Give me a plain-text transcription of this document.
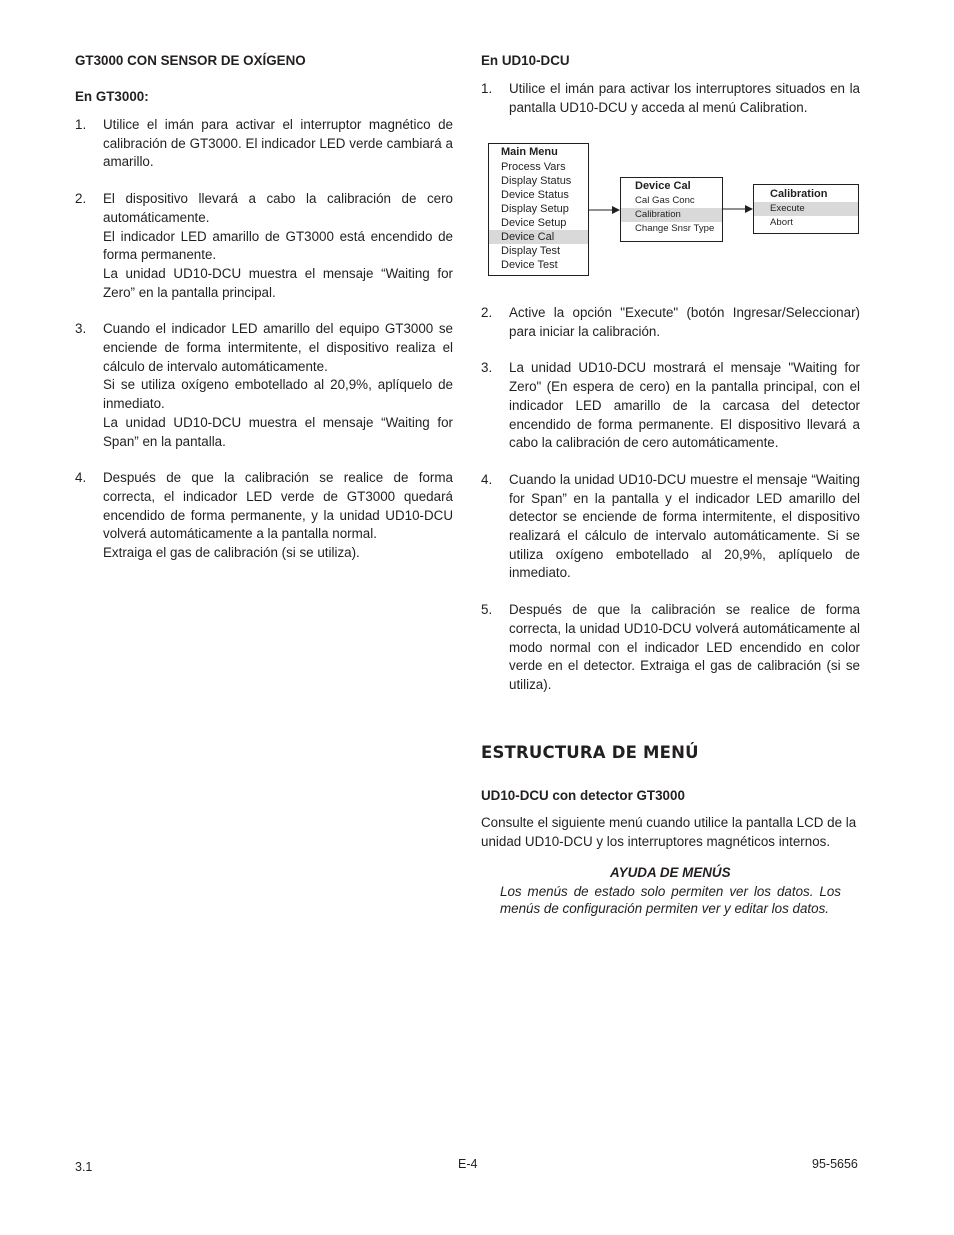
GT3000 CON SENSOR DE OXÍGENO
En GT3000:
1. Utilice el imán para activar el interruptor magnético de calibración de GT3000. El indicador LED verde cambiará a amarillo.
2. El dispositivo llevará a cabo la calibración de cero automáticamente.
El indicador LED amarillo de GT3000 está encendido de forma permanente.
La unidad UD10-DCU muestra el mensaje “Waiting for Zero” en la pantalla principal.
3. Cuando el indicador LED amarillo del equipo GT3000 se enciende de forma intermitente, el dispositivo realiza el cálculo de intervalo automáticamente.
Si se utiliza oxígeno embotellado al 20,9%, aplíquelo de inmediato.
La unidad UD10-DCU muestra el mensaje “Waiting for Span” en la pantalla.
4. Después de que la calibración se realice de forma correcta, el indicador LED verde de GT3000 quedará encendido de forma permanente, y la unidad UD10-DCU volverá automáticamente a la pantalla normal.
Extraiga el gas de calibración (si se utiliza).
En UD10-DCU
1. Utilice el imán para activar los interruptores situados en la pantalla UD10-DCU y acceda al menú Calibration.
Main Menu
Process Vars
Display Status
Device Status
Display Setup
Device Setup
Device Cal
Display Test
Device Test
Device Cal
Cal Gas Conc
Calibration
Change Snsr Type
Calibration
Execute
Abort
2. Active la opción "Execute" (botón Ingresar/Seleccionar) para iniciar la calibración.
3. La unidad UD10-DCU mostrará el mensaje "Waiting for Zero" (En espera de cero) en la pantalla principal, con el indicador LED amarillo de la carcasa del detector encendido de forma permanente. El dispositivo llevará a cabo la calibración de cero automáticamente.
4. Cuando la unidad UD10-DCU muestre el mensaje “Waiting for Span” en la pantalla y el indicador LED amarillo del detector se enciende de forma intermitente, el dispositivo realizará el cálculo de intervalo automáticamente. Si se utiliza oxígeno embotellado al 20,9%, aplíquelo de inmediato.
5. Después de que la calibración se realice de forma correcta, la unidad UD10-DCU volverá automáticamente al modo normal con el indicador LED encendido en color verde en el detector. Extraiga el gas de calibración (si se utiliza).
ESTRUCTURA DE MENÚ
UD10-DCU con detector GT3000
Consulte el siguiente menú cuando utilice la pantalla LCD de la unidad UD10-DCU y los interruptores magnéticos internos.
AYUDA DE MENÚS
Los menús de estado solo permiten ver los datos. Los menús de configuración permiten ver y editar los datos.
3.1	E-4	95-5656
